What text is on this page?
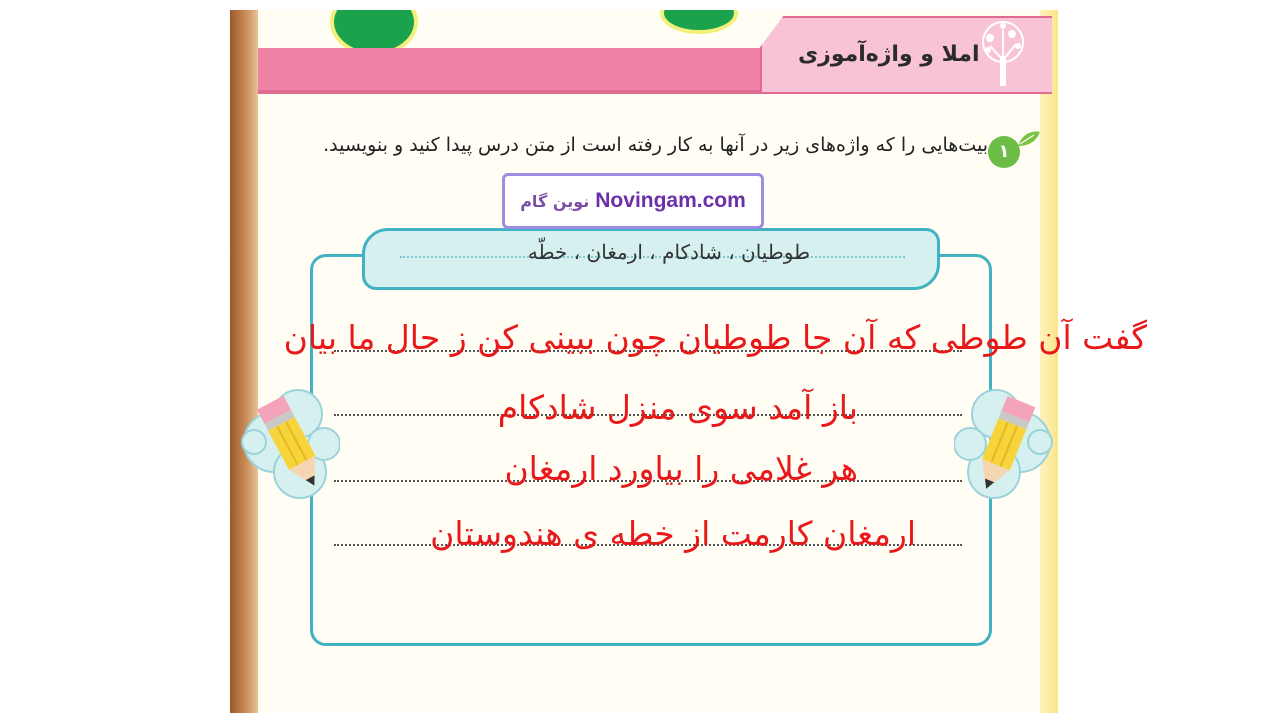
املا و واژه‌آموزی
بیت‌هایی را که واژه‌های زیر در آنها به کار رفته است از متن درس پیدا کنید و بنویسید. ۱
طوطیان ، شادکام ، ارمغان ، خطّه
نوین گام Novingam.com
گفت آن طوطی که آن جا طوطیان چون ببینی کن ز حال ما بیان
باز آمد سوی منزل شادکام
هر غلامی را بیاورد ارمغان
ارمغان کارمت از خطه ی هندوستان
